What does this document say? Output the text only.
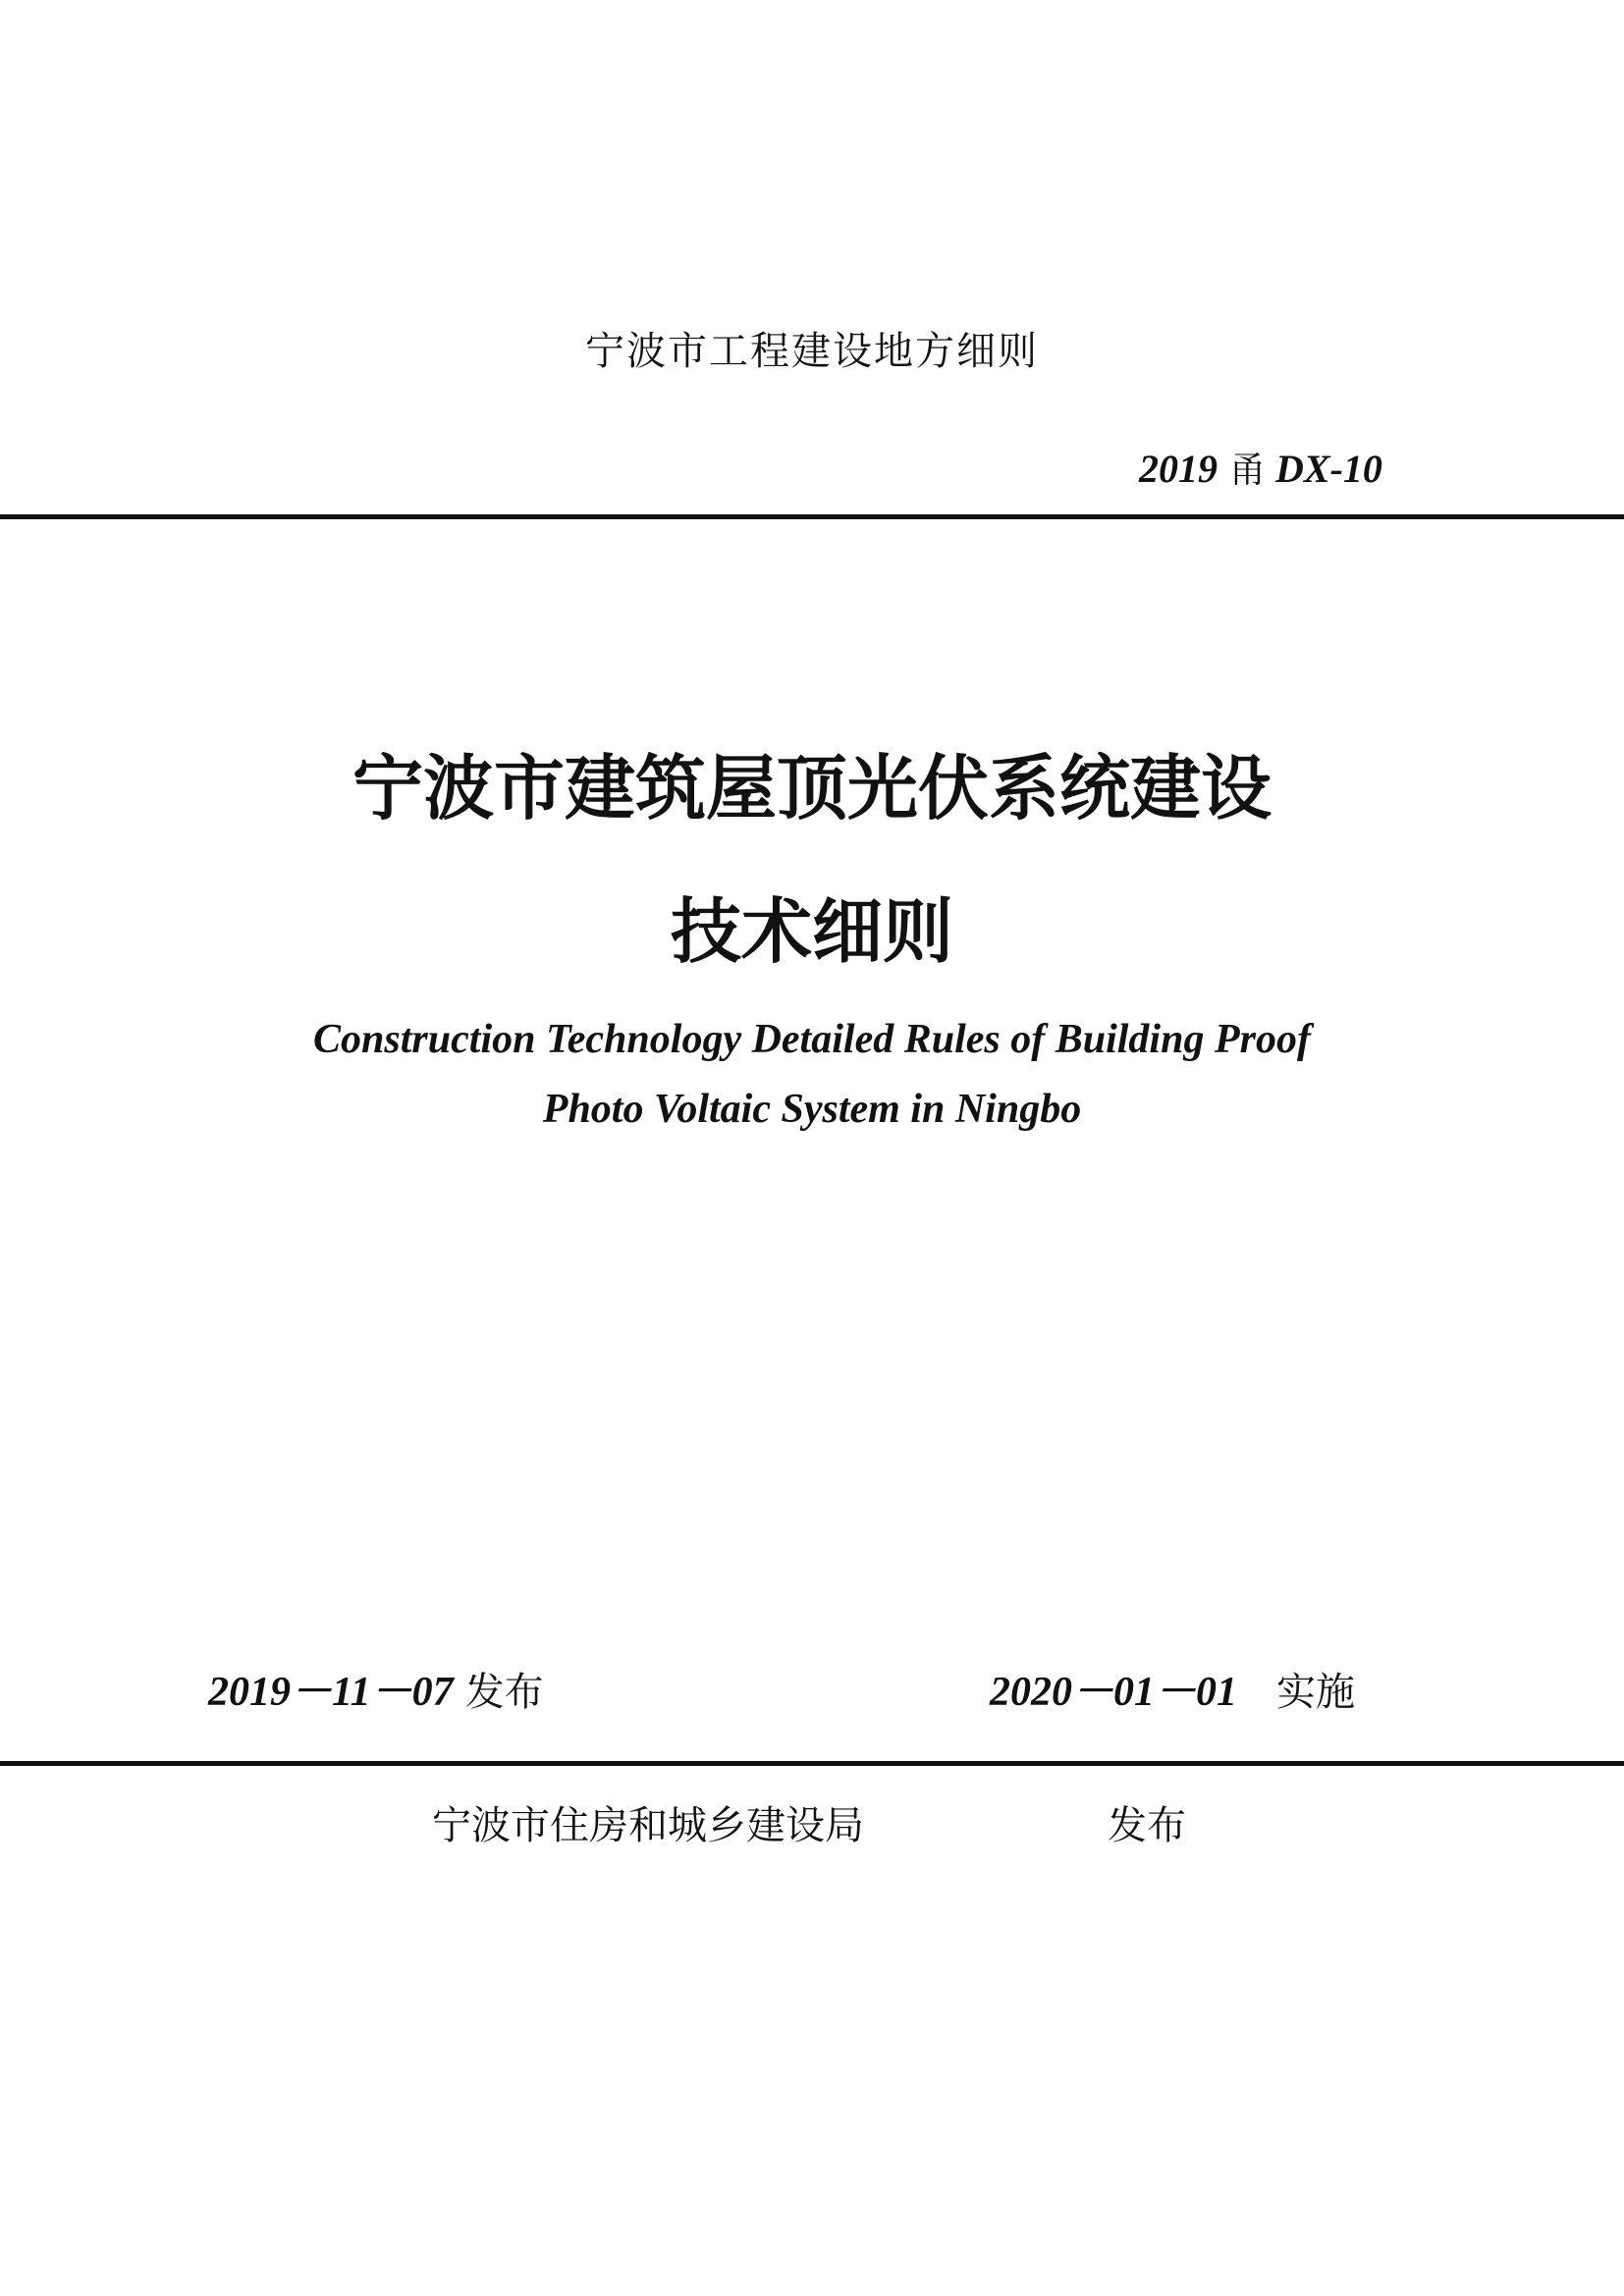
宁波市工程建设地方细则
2019 甬 DX-10
宁波市建筑屋顶光伏系统建设
技术细则
Construction Technology Detailed Rules of Building Proof
Photo Voltaic System in Ningbo
2019－11－07 发布	2020－01－01 实施
宁波市住房和城乡建设局	发布
